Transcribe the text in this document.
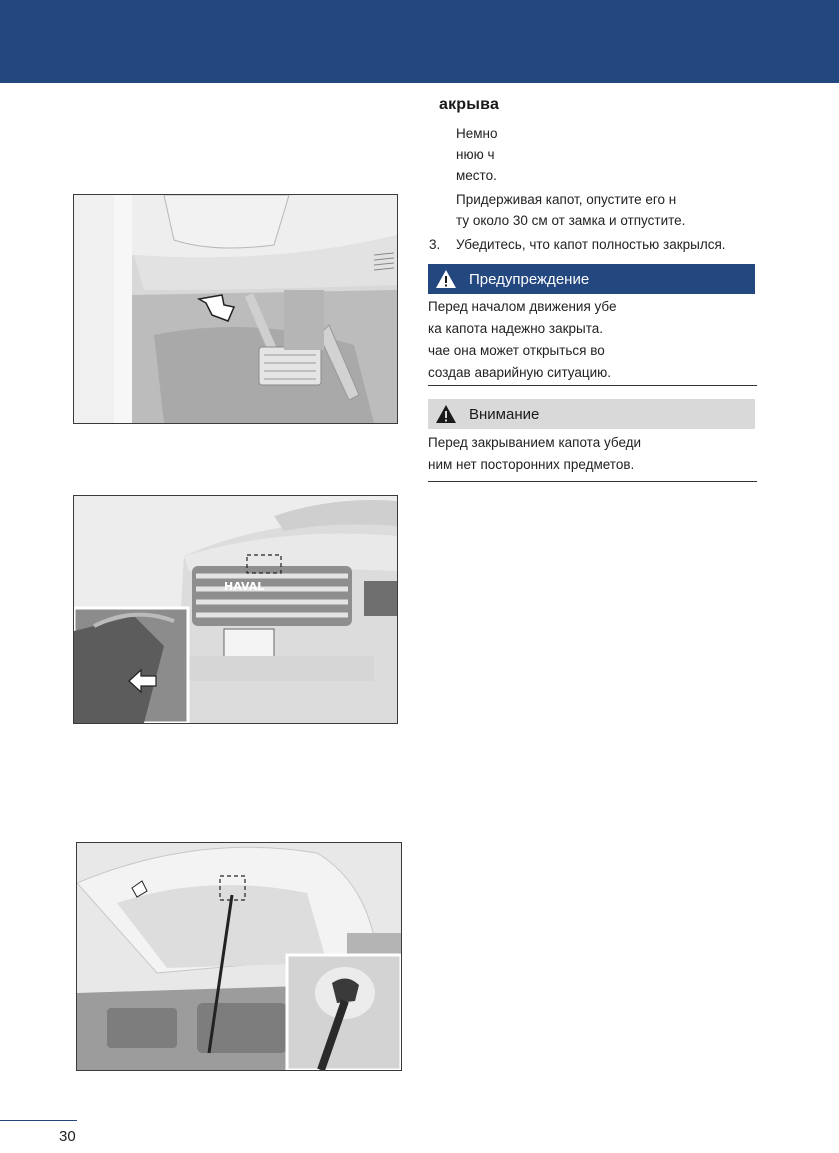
HAVAL
акрыва
Немно
нюю ч
место.
Придерживая капот, опустите его н
ту около 30 см от замка и отпустите.
3. Убедитесь, что капот полностью закрылся.
Предупреждение
Перед началом движения убе
ка капота надежно закрыта.
чае она может открыться во
создав аварийную ситуацию.
Внимание
Перед закрыванием капота убеди
ним нет посторонних предметов.
30
